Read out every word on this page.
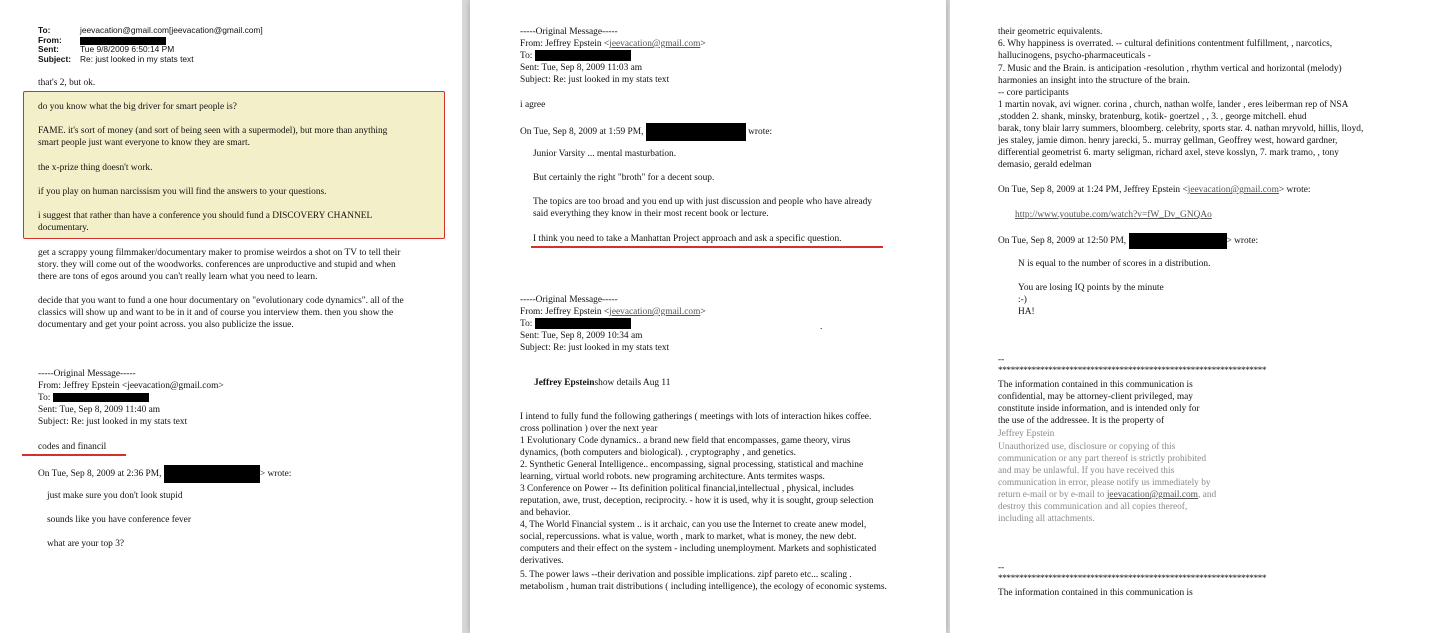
To:	jeevacation@gmail.com[jeevacation@gmail.com]
From:
Sent:	Tue 9/8/2009 6:50:14 PM
Subject: Re: just looked in my stats text
that's 2, but ok.
do you know what the big driver for smart people is?
FAME. it's sort of money (and sort of being seen with a supermodel), but more than anything
smart people just want everyone to know they are smart.
the x-prize thing doesn't work.
if you play on human narcissism you will find the answers to your questions.
i suggest that rather than have a conference you should fund a DISCOVERY CHANNEL
documentary.
get a scrappy young filmmaker/documentary maker to promise weirdos a shot on TV to tell their
story. they will come out of the woodworks. conferences are unproductive and stupid and when
there are tons of egos around you can't really learn what you need to learn.
decide that you want to fund a one hour documentary on "evolutionary code dynamics". all of the
classics will show up and want to be in it and of course you interview them. then you show the
documentary and get your point across. you also publicize the issue.
-----Original Message-----
From: Jeffrey Epstein <jeevacation@gmail.com>
To:
Sent: Tue, Sep 8, 2009 11:40 am
Subject: Re: just looked in my stats text
codes and financil
On Tue, Sep 8, 2009 at 2:36 PM,	> wrote:
just make sure you don't look stupid
sounds like you have conference fever
what are your top 3?
-----Original Message-----
From: Jeffrey Epstein <jeevacation@gmail.com>
To:
Sent: Tue, Sep 8, 2009 11:03 am
Subject: Re: just looked in my stats text
i agree
On Tue, Sep 8, 2009 at 1:59 PM,	wrote:
Junior Varsity ... mental masturbation.
But certainly the right "broth" for a decent soup.
The topics are too broad and you end up with just discussion and people who have already
said everything they know in their most recent book or lecture.
I think you need to take a Manhattan Project approach and ask a specific question.
-----Original Message-----
From: Jeffrey Epstein <jeevacation@gmail.com>
To:	.
Sent: Tue, Sep 8, 2009 10:34 am
Subject: Re: just looked in my stats text
Jeffrey Epsteinshow details Aug 11
I intend to fully fund the following gatherings ( meetings with lots of interaction hikes coffee.
cross pollination ) over the next year
1 Evolutionary Code dynamics.. a brand new field that encompasses, game theory, virus
dynamics, (both computers and biological). , cryptography , and genetics.
2. Synthetic General Intelligence.. encompassing, signal processing, statistical and machine
learning, virtual world robots. new programing architecture. Ants termites wasps.
3 Conference on Power -- Its definition political financial,intellectual , physical, includes
reputation, awe, trust, deception, reciprocity. - how it is used, why it is sought, group selection
and behavior.
4, The World Financial system .. is it archaic, can you use the Internet to create anew model,
social, repercussions. what is value, worth , mark to market, what is money, the new debt.
computers and their effect on the system - including unemployment. Markets and sophisticated
derivatives.
5. The power laws --their derivation and possible implications. zipf pareto etc... scaling .
metabolism , human trait distributions ( including intelligence), the ecology of economic systems.
their geometric equivalents.
6. Why happiness is overrated. -- cultural definitions contentment fulfillment, , narcotics,
hallucinogens, psycho-pharmaceuticals -
7. Music and the Brain. is anticipation -resolution , rhythm vertical and horizontal (melody)
harmonies an insight into the structure of the brain.
-- core participants
1 martin novak, avi wigner. corina , church, nathan wolfe, lander , eres leiberman rep of NSA
,stodden 2. shank, minsky, bratenburg, kotik- goertzel , , 3. , george mitchell. ehud
barak, tony blair larry summers, bloomberg. celebrity, sports star. 4. nathan mryvold, hillis, lloyd,
jes staley, jamie dimon. henry jarecki, 5.. murray gellman, Geoffrey west, howard gardner,
differential geometrist 6. marty seligman, richard axel, steve kosslyn, 7. mark tramo, , tony
demasio, gerald edelman
On Tue, Sep 8, 2009 at 1:24 PM, Jeffrey Epstein <jeevacation@gmail.com> wrote:
http://www.youtube.com/watch?v=fW_Dv_GNQAo
On Tue, Sep 8, 2009 at 12:50 PM,	> wrote:
N is equal to the number of scores in a distribution.
You are losing IQ points by the minute
:-)
HA!
--
****************************************************************
The information contained in this communication is
confidential, may be attorney-client privileged, may
constitute inside information, and is intended only for
the use of the addressee. It is the property of
Jeffrey Epstein
Unauthorized use, disclosure or copying of this
communication or any part thereof is strictly prohibited
and may be unlawful. If you have received this
communication in error, please notify us immediately by
return e-mail or by e-mail to jeevacation@gmail.com, and
destroy this communication and all copies thereof,
including all attachments.
--
****************************************************************
The information contained in this communication is
